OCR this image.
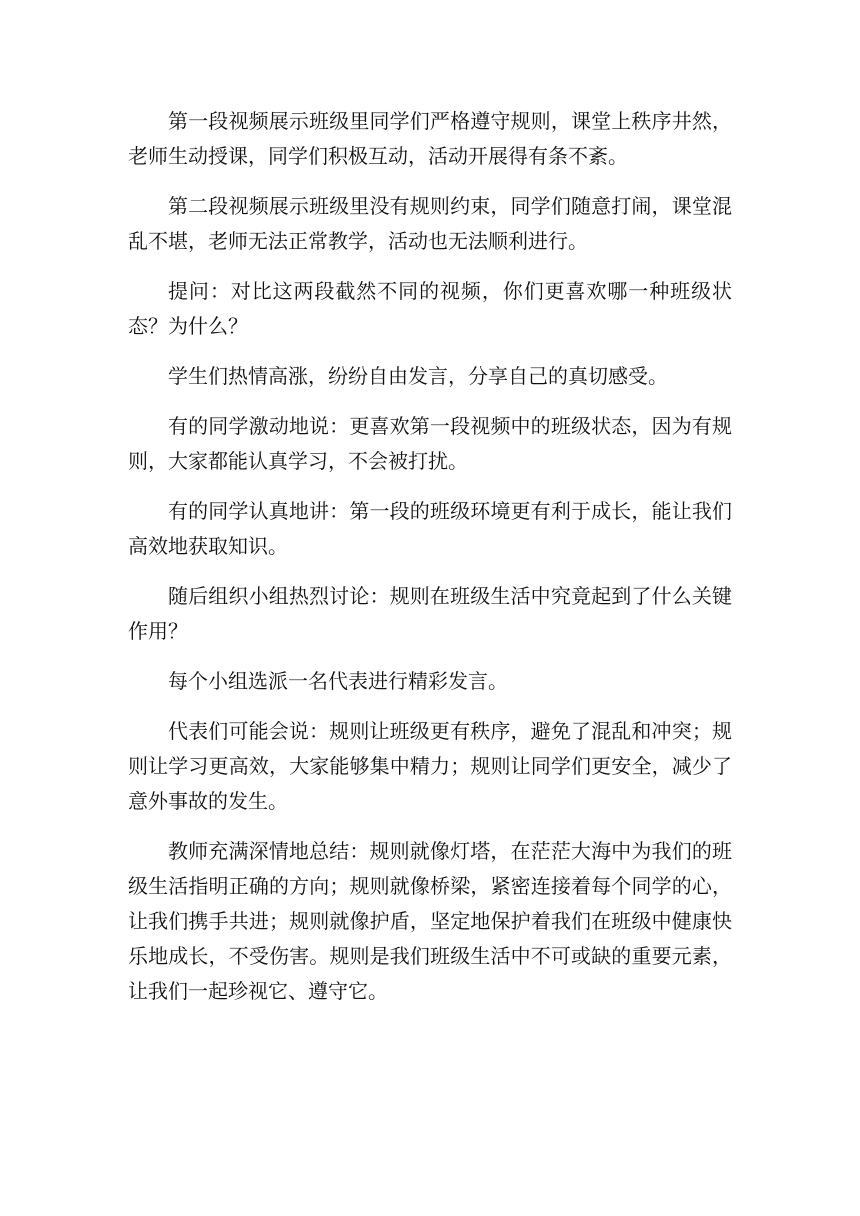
第一段视频展示班级里同学们严格遵守规则，课堂上秩序井然，老师生动授课，同学们积极互动，活动开展得有条不紊。

第二段视频展示班级里没有规则约束，同学们随意打闹，课堂混乱不堪，老师无法正常教学，活动也无法顺利进行。

提问：对比这两段截然不同的视频，你们更喜欢哪一种班级状态？为什么？

学生们热情高涨，纷纷自由发言，分享自己的真切感受。

有的同学激动地说：更喜欢第一段视频中的班级状态，因为有规则，大家都能认真学习，不会被打扰。

有的同学认真地讲：第一段的班级环境更有利于成长，能让我们高效地获取知识。

随后组织小组热烈讨论：规则在班级生活中究竟起到了什么关键作用？

每个小组选派一名代表进行精彩发言。

代表们可能会说：规则让班级更有秩序，避免了混乱和冲突；规则让学习更高效，大家能够集中精力；规则让同学们更安全，减少了意外事故的发生。

教师充满深情地总结：规则就像灯塔，在茫茫大海中为我们的班级生活指明正确的方向；规则就像桥梁，紧密连接着每个同学的心，让我们携手共进；规则就像护盾，坚定地保护着我们在班级中健康快乐地成长，不受伤害。规则是我们班级生活中不可或缺的重要元素，让我们一起珍视它、遵守它。
